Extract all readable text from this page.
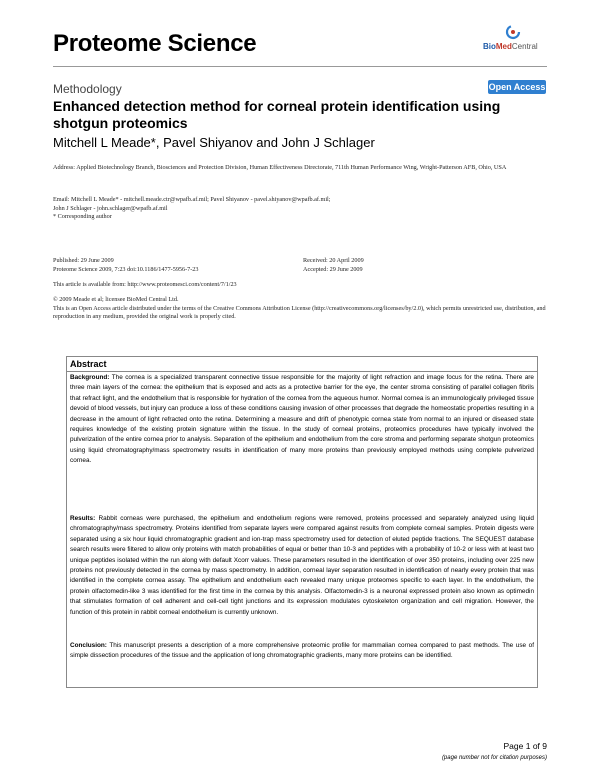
Proteome Science	BioMedCentral
Methodology	Open Access
Enhanced detection method for corneal protein identification using shotgun proteomics
Mitchell L Meade*, Pavel Shiyanov and John J Schlager
Address: Applied Biotechnology Branch, Biosciences and Protection Division, Human Effectiveness Directorate, 711th Human Performance Wing, Wright-Patterson AFB, Ohio, USA
Email: Mitchell L Meade* - mitchell.meade.ctr@wpafb.af.mil; Pavel Shiyanov - pavel.shiyanov@wpafb.af.mil;
John J Schlager - john.schlager@wpafb.af.mil
* Corresponding author
Published: 29 June 2009
Proteome Science 2009, 7:23 doi:10.1186/1477-5956-7-23
Received: 20 April 2009
Accepted: 29 June 2009
This article is available from: http://www.proteomesci.com/content/7/1/23
© 2009 Meade et al; licensee BioMed Central Ltd.
This is an Open Access article distributed under the terms of the Creative Commons Attribution License (http://creativecommons.org/licenses/by/2.0), which permits unrestricted use, distribution, and reproduction in any medium, provided the original work is properly cited.
Abstract
Background: The cornea is a specialized transparent connective tissue responsible for the majority of light refraction and image focus for the retina. There are three main layers of the cornea: the epithelium that is exposed and acts as a protective barrier for the eye, the center stroma consisting of parallel collagen fibrils that refract light, and the endothelium that is responsible for hydration of the cornea from the aqueous humor. Normal cornea is an immunologically privileged tissue devoid of blood vessels, but injury can produce a loss of these conditions causing invasion of other processes that degrade the homeostatic properties resulting in a decrease in the amount of light refracted onto the retina. Determining a measure and drift of phenotypic cornea state from normal to an injured or diseased state requires knowledge of the existing protein signature within the tissue. In the study of corneal proteins, proteomics procedures have typically involved the pulverization of the entire cornea prior to analysis. Separation of the epithelium and endothelium from the core stroma and performing separate shotgun proteomics using liquid chromatography/mass spectrometry results in identification of many more proteins than previously employed methods using complete pulverized cornea.
Results: Rabbit corneas were purchased, the epithelium and endothelium regions were removed, proteins processed and separately analyzed using liquid chromatography/mass spectrometry. Proteins identified from separate layers were compared against results from complete corneal samples. Protein digests were separated using a six hour liquid chromatographic gradient and ion-trap mass spectrometry used for detection of eluted peptide fractions. The SEQUEST database search results were filtered to allow only proteins with match probabilities of equal or better than 10-3 and peptides with a probability of 10-2 or less with at least two unique peptides isolated within the run along with default Xcorr values. These parameters resulted in the identification of over 350 proteins, including over 225 new proteins not previously detected in the cornea by mass spectrometry. In addition, corneal layer separation resulted in identification of nearly every protein that was identified in the complete cornea assay. The epithelium and endothelium each revealed many unique proteomes specific to each layer. In the endothelium, the protein olfactomedin-like 3 was identified for the first time in the cornea by this analysis. Olfactomedin-3 is a neuronal expressed protein also known as optimedin that stimulates formation of cell adherent and cell-cell tight junctions and its expression modulates cytoskeleton organization and cell migration. However, the function of this protein in rabbit corneal endothelium is currently unknown.
Conclusion: This manuscript presents a description of a more comprehensive proteomic profile for mammalian cornea compared to past methods. The use of simple dissection procedures of the tissue and the application of long chromatographic gradients, many more proteins can be identified.
Page 1 of 9
(page number not for citation purposes)
